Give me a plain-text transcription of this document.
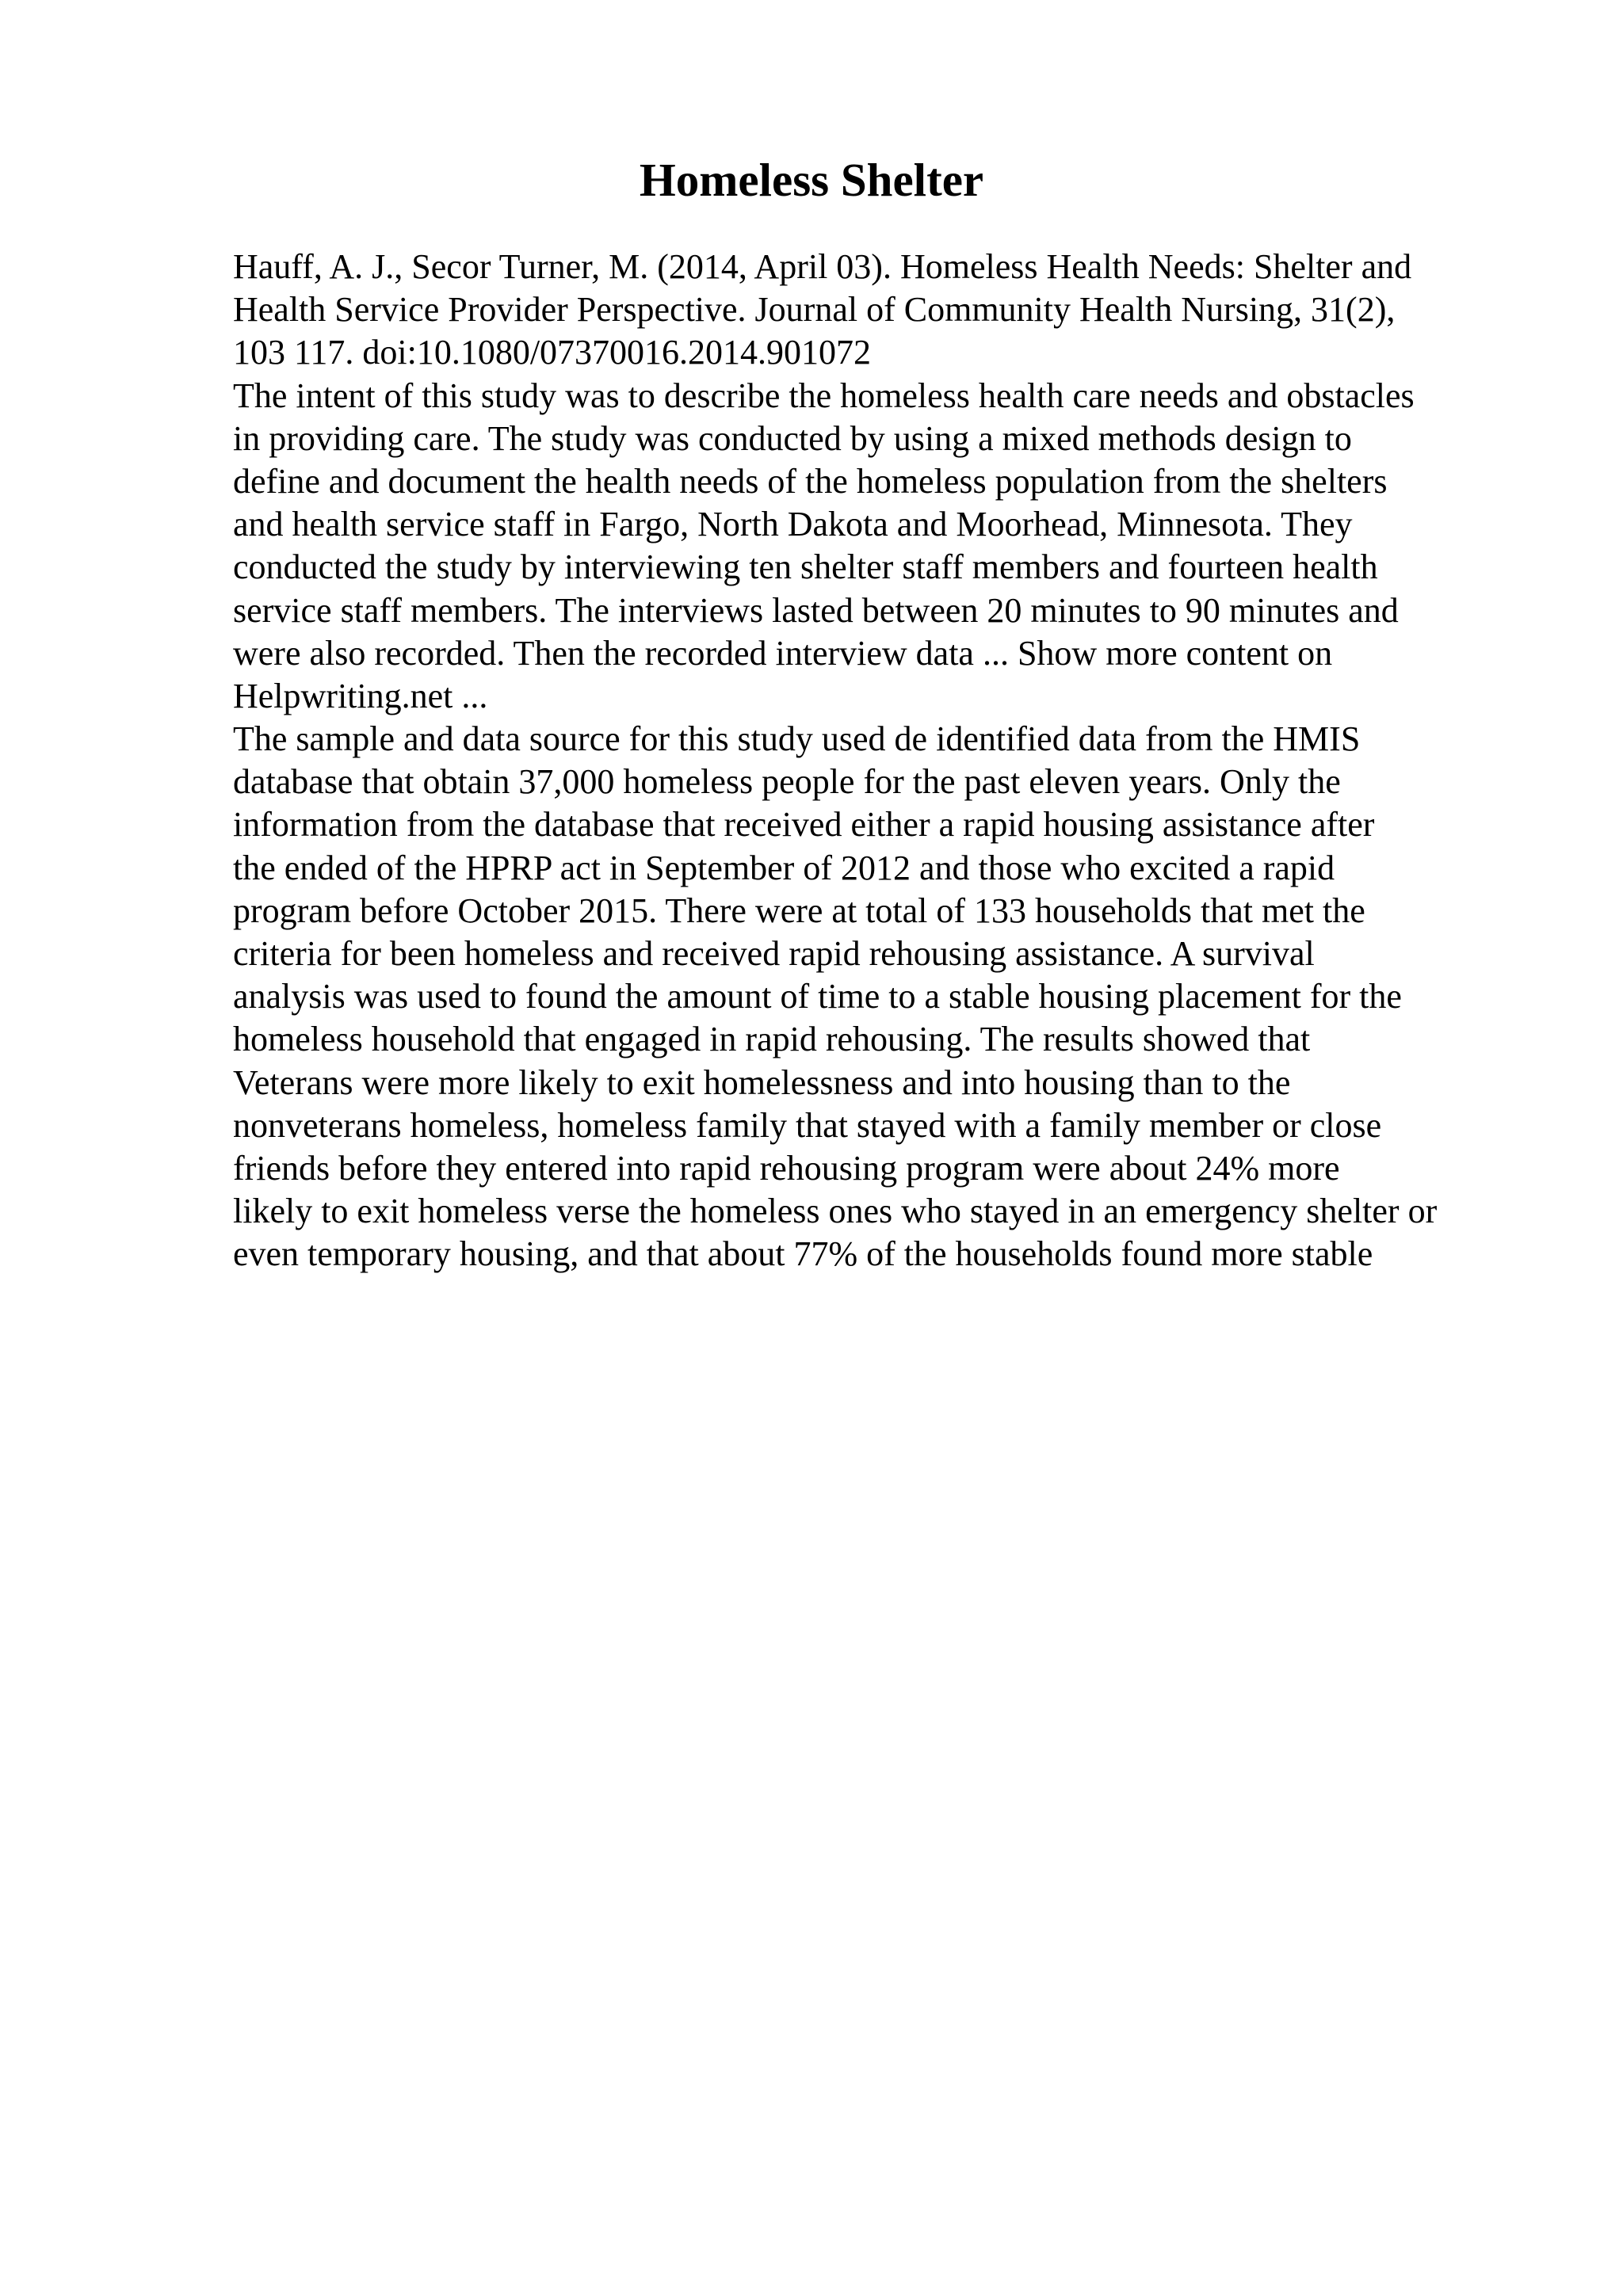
Homeless Shelter
Hauff, A. J., Secor Turner, M. (2014, April 03). Homeless Health Needs: Shelter and
Health Service Provider Perspective. Journal of Community Health Nursing, 31(2),
103 117. doi:10.1080/07370016.2014.901072
The intent of this study was to describe the homeless health care needs and obstacles
in providing care. The study was conducted by using a mixed methods design to
define and document the health needs of the homeless population from the shelters
and health service staff in Fargo, North Dakota and Moorhead, Minnesota. They
conducted the study by interviewing ten shelter staff members and fourteen health
service staff members. The interviews lasted between 20 minutes to 90 minutes and
were also recorded. Then the recorded interview data ... Show more content on
Helpwriting.net ...
The sample and data source for this study used de identified data from the HMIS
database that obtain 37,000 homeless people for the past eleven years. Only the
information from the database that received either a rapid housing assistance after
the ended of the HPRP act in September of 2012 and those who excited a rapid
program before October 2015. There were at total of 133 households that met the
criteria for been homeless and received rapid rehousing assistance. A survival
analysis was used to found the amount of time to a stable housing placement for the
homeless household that engaged in rapid rehousing. The results showed that
Veterans were more likely to exit homelessness and into housing than to the
nonveterans homeless, homeless family that stayed with a family member or close
friends before they entered into rapid rehousing program were about 24% more
likely to exit homeless verse the homeless ones who stayed in an emergency shelter or
even temporary housing, and that about 77% of the households found more stable
